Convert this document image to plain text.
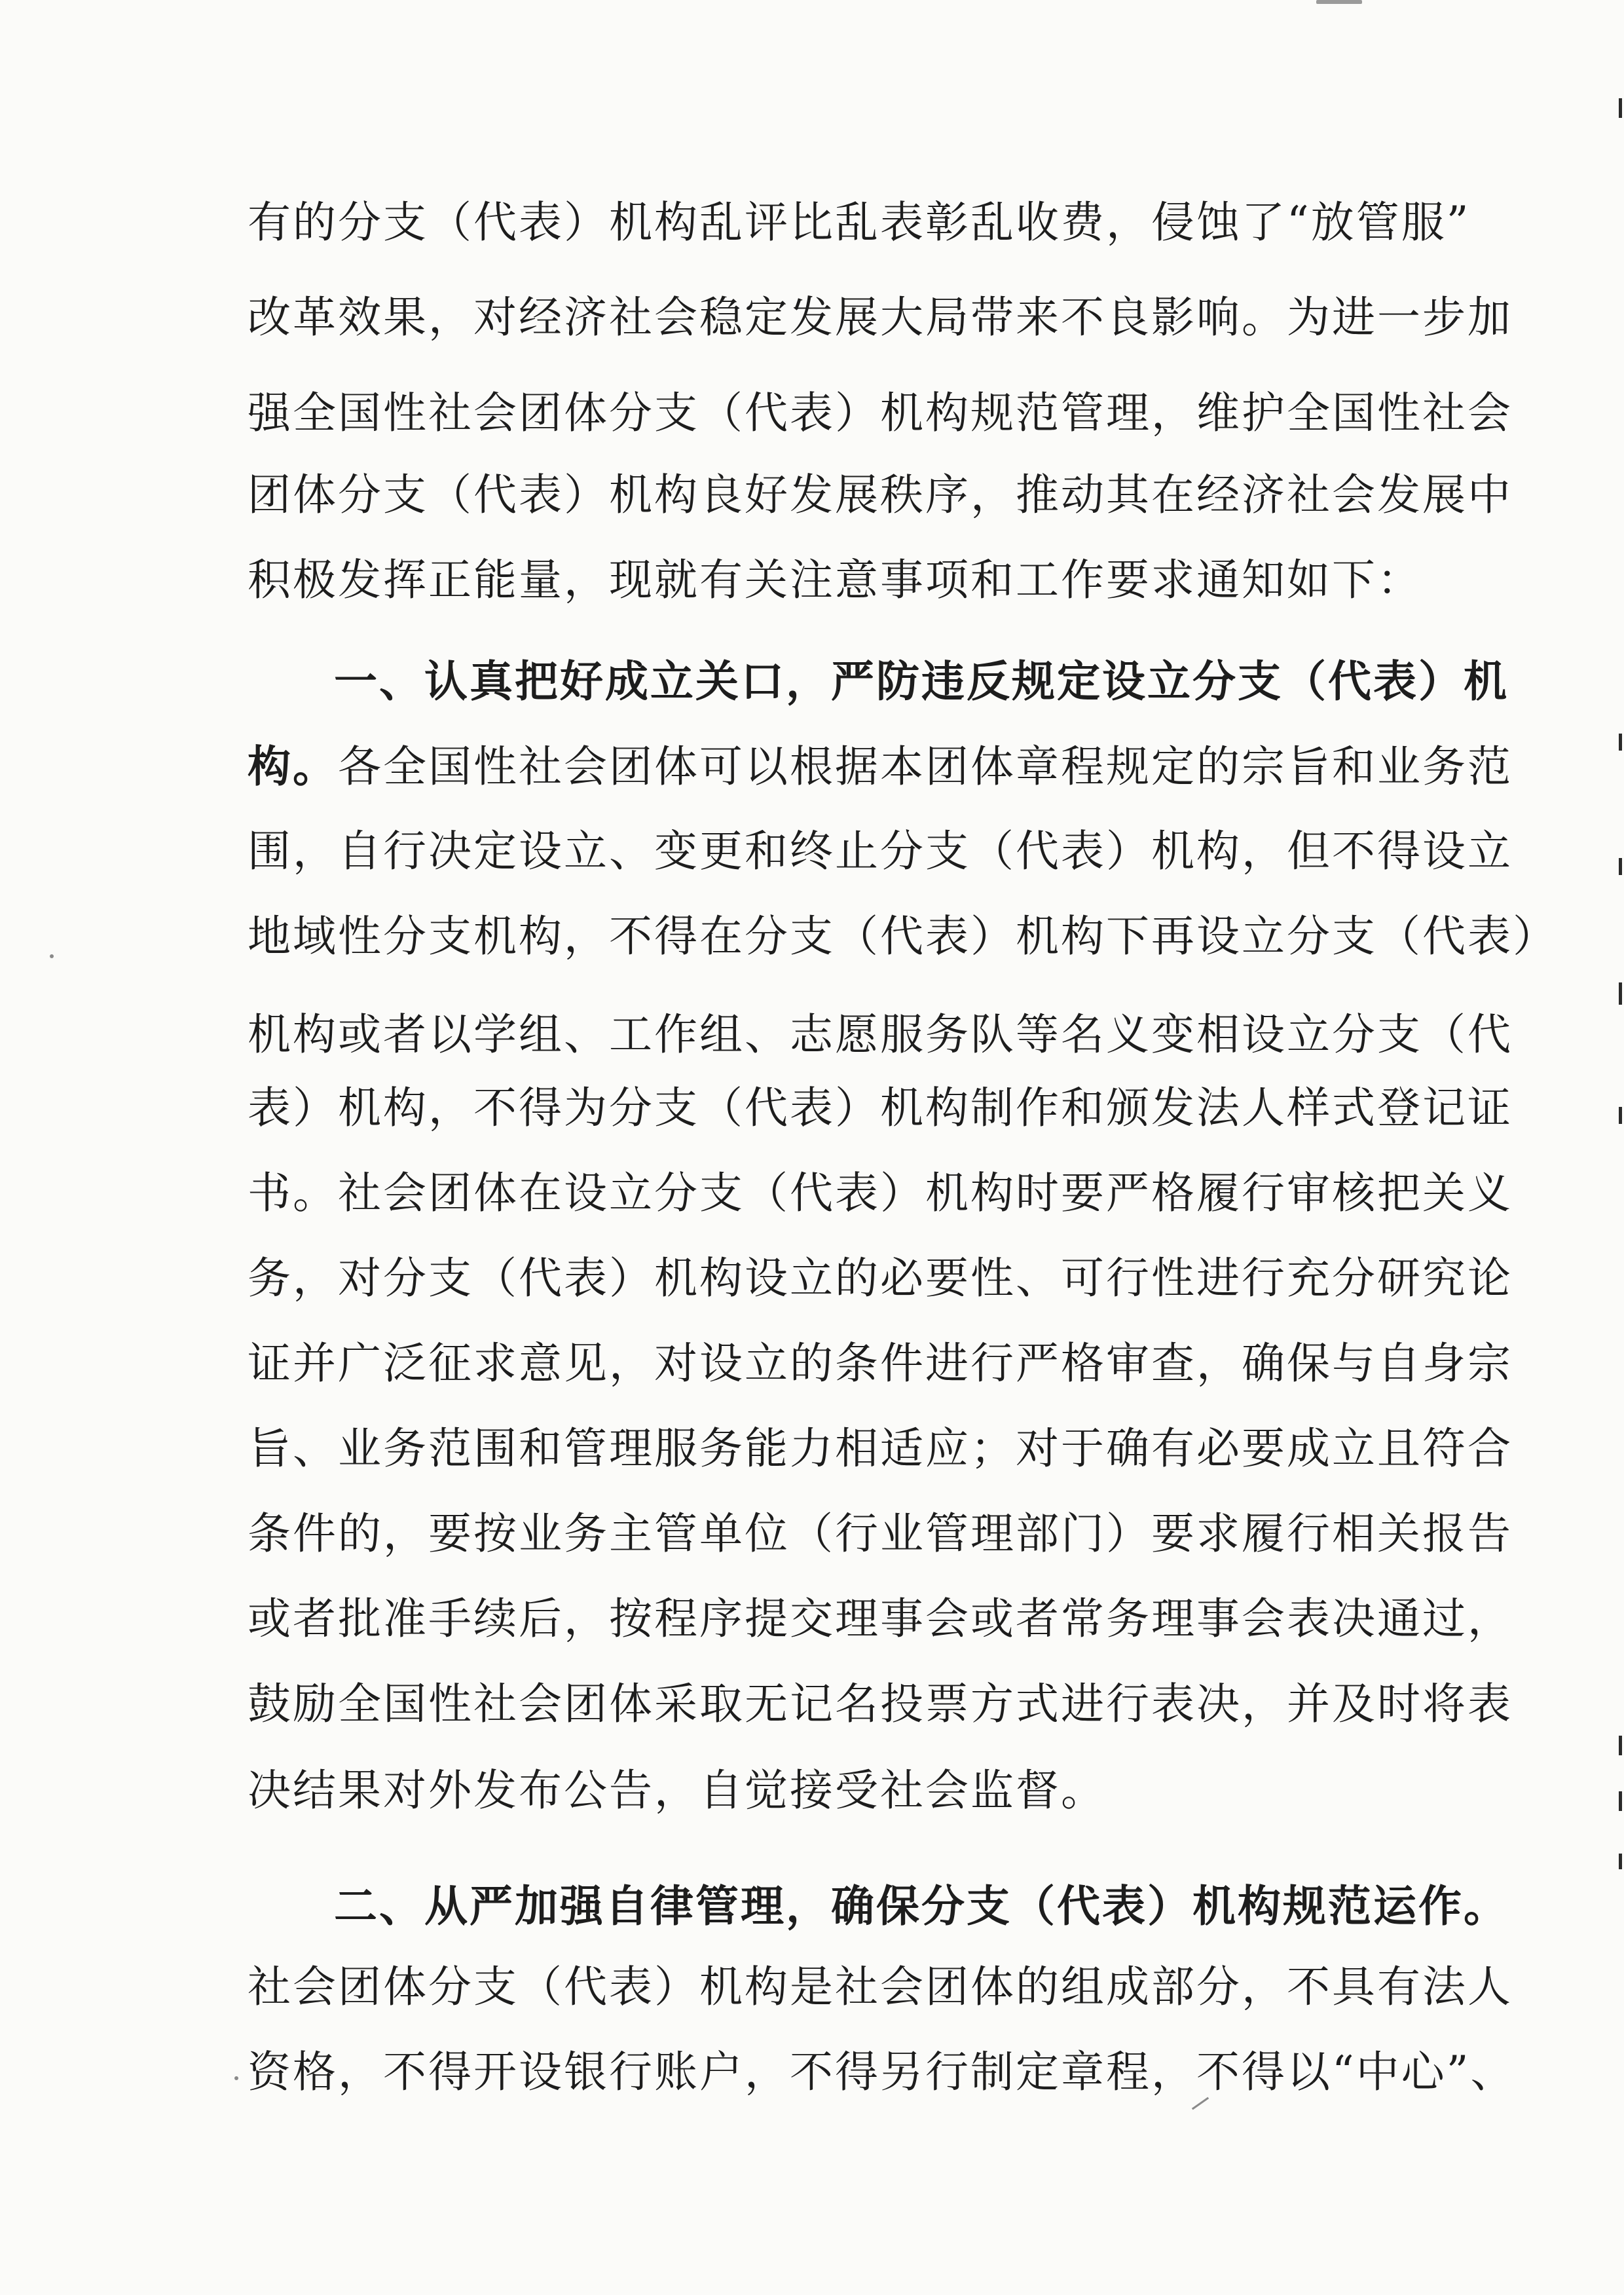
有的分支（代表）机构乱评比乱表彰乱收费，侵蚀了“放管服”
改革效果，对经济社会稳定发展大局带来不良影响。为进一步加
强全国性社会团体分支（代表）机构规范管理，维护全国性社会
团体分支（代表）机构良好发展秩序，推动其在经济社会发展中
积极发挥正能量，现就有关注意事项和工作要求通知如下：
一、认真把好成立关口，严防违反规定设立分支（代表）机
构。各全国性社会团体可以根据本团体章程规定的宗旨和业务范
围，自行决定设立、变更和终止分支（代表）机构，但不得设立
地域性分支机构，不得在分支（代表）机构下再设立分支（代表）
机构或者以学组、工作组、志愿服务队等名义变相设立分支（代
表）机构，不得为分支（代表）机构制作和颁发法人样式登记证
书。社会团体在设立分支（代表）机构时要严格履行审核把关义
务，对分支（代表）机构设立的必要性、可行性进行充分研究论
证并广泛征求意见，对设立的条件进行严格审查，确保与自身宗
旨、业务范围和管理服务能力相适应；对于确有必要成立且符合
条件的，要按业务主管单位（行业管理部门）要求履行相关报告
或者批准手续后，按程序提交理事会或者常务理事会表决通过，
鼓励全国性社会团体采取无记名投票方式进行表决，并及时将表
决结果对外发布公告，自觉接受社会监督。
二、从严加强自律管理，确保分支（代表）机构规范运作。
社会团体分支（代表）机构是社会团体的组成部分，不具有法人
资格，不得开设银行账户，不得另行制定章程，不得以“中心”、
